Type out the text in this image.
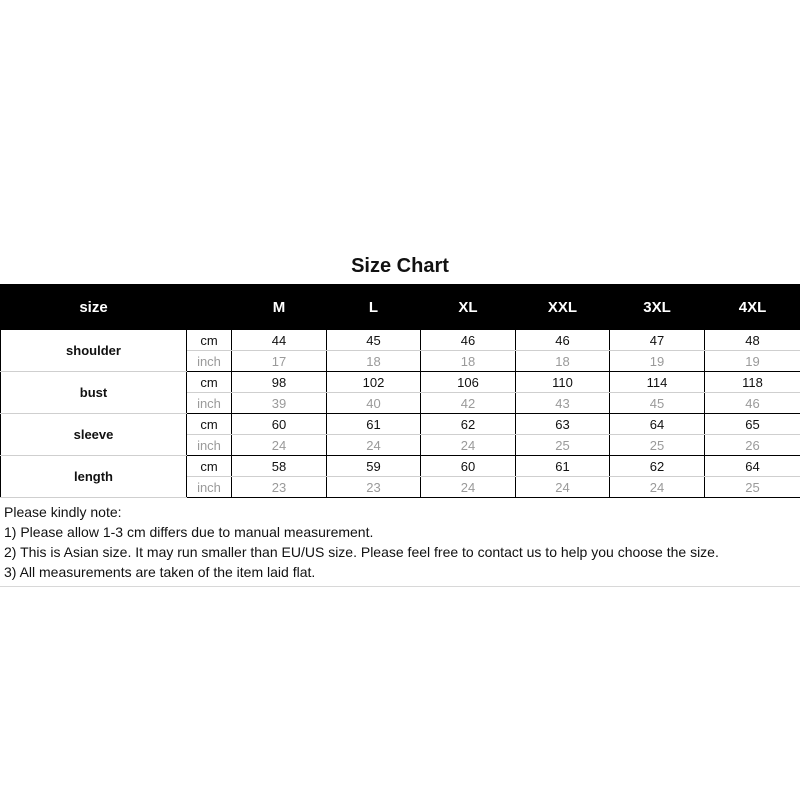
Size Chart
size		M	L	XL	XXL	3XL	4XL
shoulder	cm	44	45	46	46	47	48
	inch	17	18	18	18	19	19
bust	cm	98	102	106	110	114	118
	inch	39	40	42	43	45	46
sleeve	cm	60	61	62	63	64	65
	inch	24	24	24	25	25	26
length	cm	58	59	60	61	62	64
	inch	23	23	24	24	24	25
Please kindly note:
1) Please allow 1-3 cm differs due to manual measurement.
2) This is Asian size. It may run smaller than EU/US size. Please feel free to contact us to help you choose the size.
3) All measurements are taken of the item laid flat.
